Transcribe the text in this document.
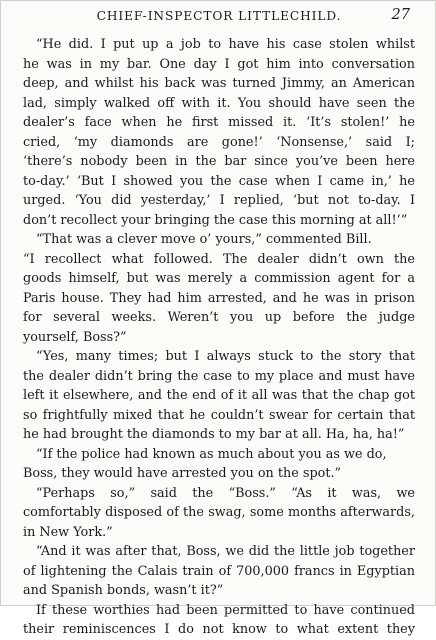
CHIEF-INSPECTOR LITTLECHILD.	27
“He did. I put up a job to have his case stolen whilst
he was in my bar. One day I got him into conversation
deep, and whilst his back was turned Jimmy, an American
lad, simply walked off with it. You should have seen the
dealer’s face when he first missed it. ‘It’s stolen!’ he
cried, ‘my diamonds are gone!’ ‘Nonsense,’ said I;
‘there’s nobody been in the bar since you’ve been here
to-day.’ ‘But I showed you the case when I came in,’ he
urged. ‘You did yesterday,’ I replied, ‘but not to-day. I
don’t recollect your bringing the case this morning at all!’”
“That was a clever move o’ yours,” commented Bill.
“I recollect what followed. The dealer didn’t own the
goods himself, but was merely a commission agent for a
Paris house. They had him arrested, and he was in prison
for several weeks. Weren’t you up before the judge
yourself, Boss?”
“Yes, many times; but I always stuck to the story that
the dealer didn’t bring the case to my place and must have
left it elsewhere, and the end of it all was that the chap got
so frightfully mixed that he couldn’t swear for certain that
he had brought the diamonds to my bar at all. Ha, ha, ha!”
“If the police had known as much about you as we do,
Boss, they would have arrested you on the spot.”
“Perhaps so,” said the “Boss.” “As it was, we
comfortably disposed of the swag, some months afterwards,
in New York.”
“And it was after that, Boss, we did the little job together
of lightening the Calais train of 700,000 francs in Egyptian
and Spanish bonds, wasn’t it?”
If these worthies had been permitted to have continued
their reminiscences I do not know to what extent they
